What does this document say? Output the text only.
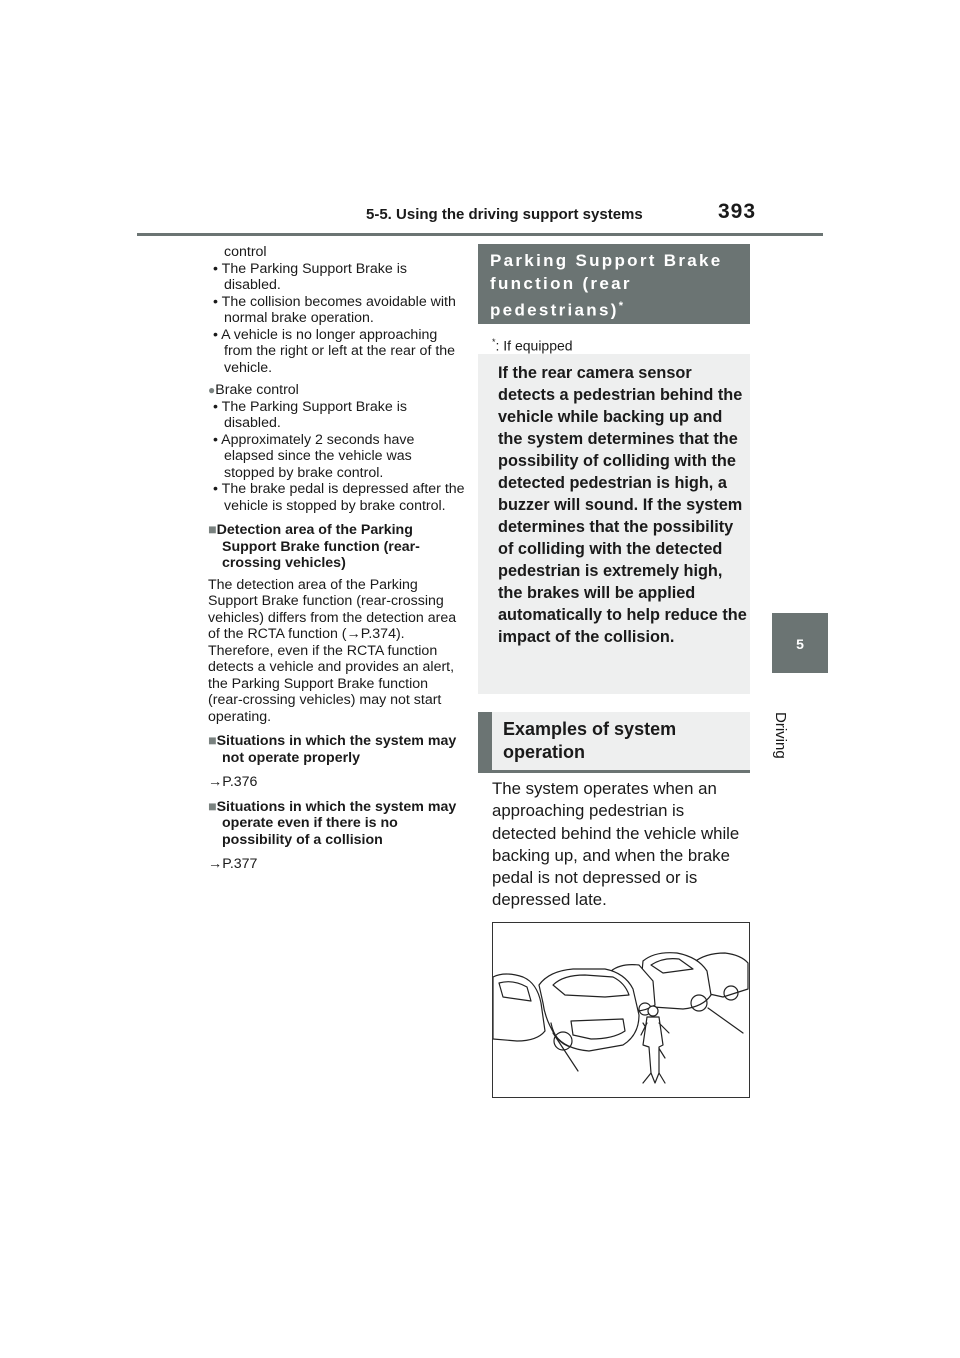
5-5. Using the driving support systems	393
5
Driving

control

• The Parking Support Brake is disabled.

• The collision becomes avoidable with normal brake operation.

• A vehicle is no longer approaching from the right or left at the rear of the vehicle.

●Brake control

• The Parking Support Brake is disabled.

• Approximately 2 seconds have elapsed since the vehicle was stopped by brake control.

• The brake pedal is depressed after the vehicle is stopped by brake control.

■Detection area of the Parking Support Brake function (rear-crossing vehicles)

The detection area of the Parking Support Brake function (rear-crossing vehicles) differs from the detection area of the RCTA function (→P.374). Therefore, even if the RCTA function detects a vehicle and provides an alert, the Parking Support Brake function (rear-crossing vehicles) may not start operating.

■Situations in which the system may not operate properly

→P.376

■Situations in which the system may operate even if there is no possibility of a collision

→P.377

Parking Support Brake function (rear pedestrians)*
*: If equipped
If the rear camera sensor detects a pedestrian behind the vehicle while backing up and the system determines that the possibility of colliding with the detected pedestrian is high, a buzzer will sound. If the system determines that the possibility of colliding with the detected pedestrian is extremely high, the brakes will be applied automatically to help reduce the impact of the collision.
Examples of system operation
The system operates when an approaching pedestrian is detected behind the vehicle while backing up, and when the brake pedal is not depressed or is depressed late.
